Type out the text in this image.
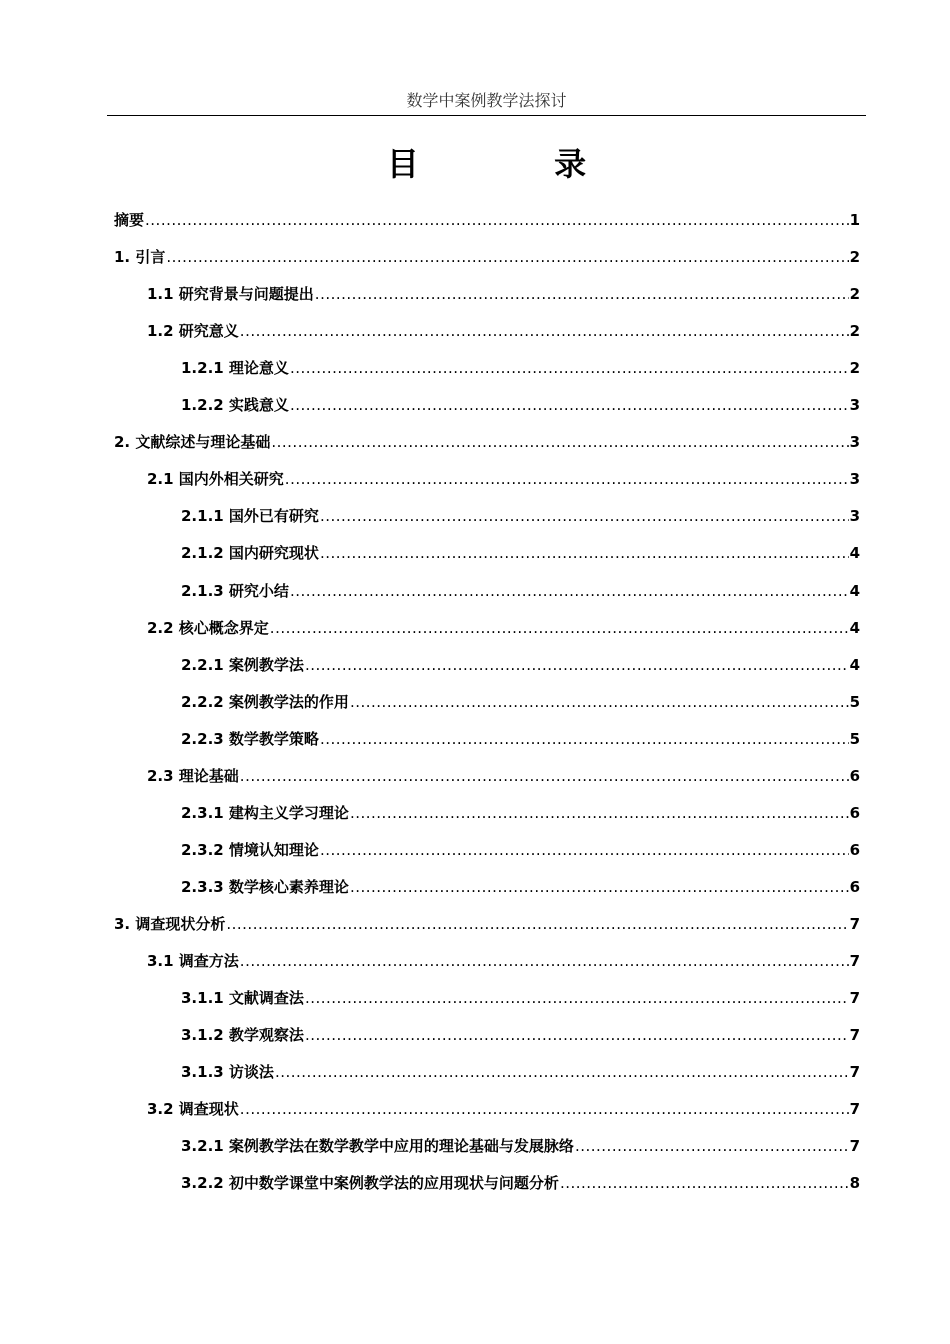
数学中案例教学法探讨
目 录
摘要 .....	1
1. 引言 .....	2
1.1 研究背景与问题提出 .....	2
1.2 研究意义 .....	2
1.2.1 理论意义 .....	2
1.2.2 实践意义 .....	3
2. 文献综述与理论基础 .....	3
2.1 国内外相关研究 .....	3
2.1.1 国外已有研究 .....	3
2.1.2 国内研究现状 .....	4
2.1.3 研究小结 .....	4
2.2 核心概念界定 .....	4
2.2.1 案例教学法 .....	4
2.2.2 案例教学法的作用 .....	5
2.2.3 数学教学策略 .....	5
2.3 理论基础 .....	6
2.3.1 建构主义学习理论 .....	6
2.3.2 情境认知理论 .....	6
2.3.3 数学核心素养理论 .....	6
3. 调查现状分析 .....	7
3.1 调查方法 .....	7
3.1.1 文献调查法 .....	7
3.1.2 教学观察法 .....	7
3.1.3 访谈法 .....	7
3.2 调查现状 .....	7
3.2.1 案例教学法在数学教学中应用的理论基础与发展脉络 .....	7
3.2.2 初中数学课堂中案例教学法的应用现状与问题分析 .....	8
